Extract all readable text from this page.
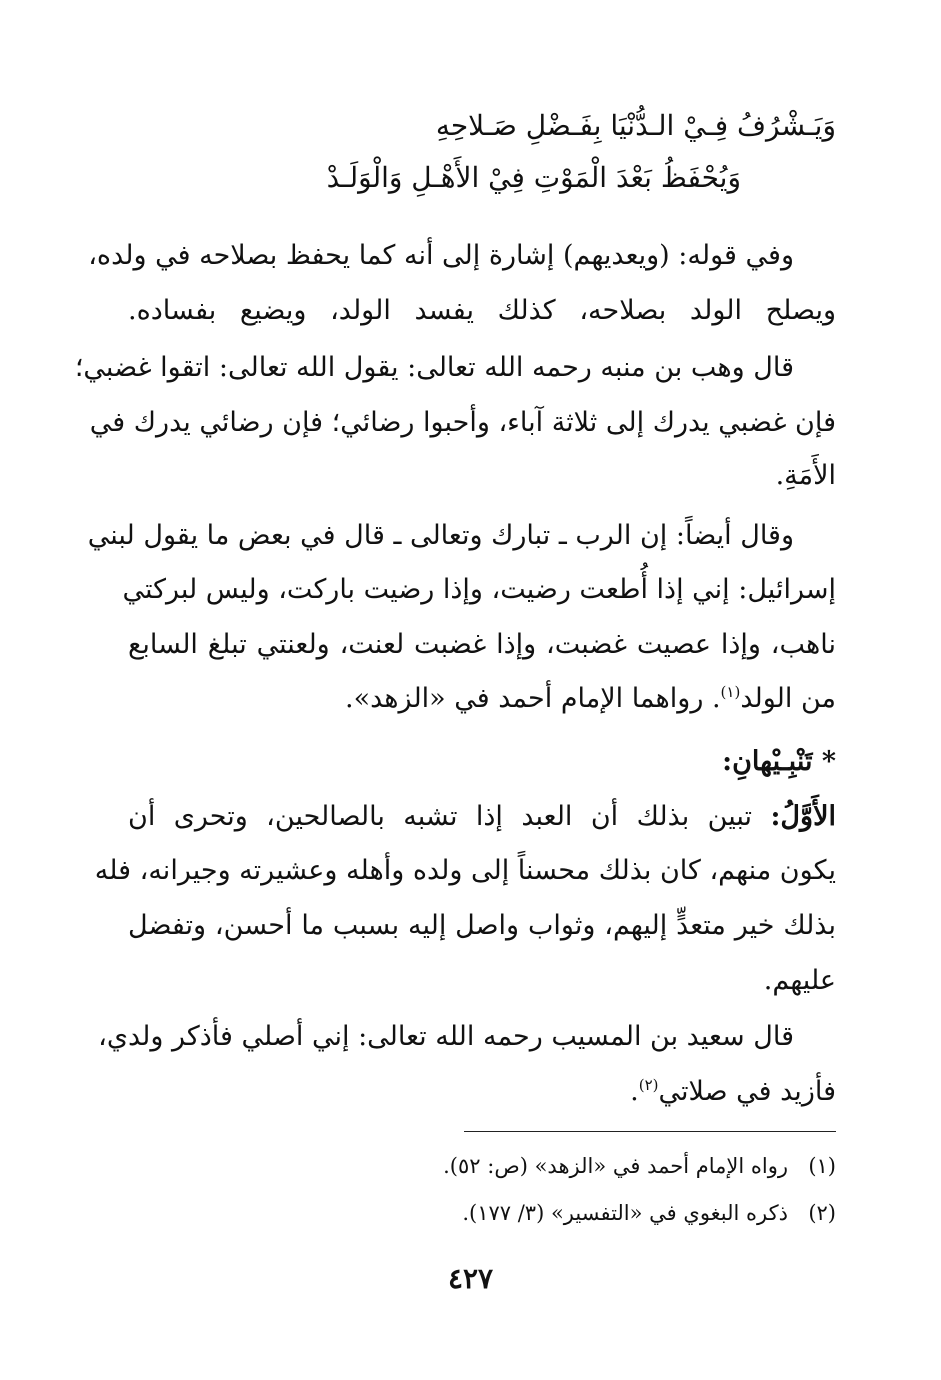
وَيَـشْرُفُ فِـيْ الـدُّنْيَا بِفَـضْلِ صَـلاحِهِ
وَيُحْفَظُ بَعْدَ الْمَوْتِ فِيْ الأَهْـلِ وَالْوَلَـدْ
وفي قوله: (ويعديهم) إشارة إلى أنه كما يحفظ بصلاحه في ولده،
ويصلح الولد بصلاحه، كذلك يفسد الولد، ويضيع بفساده.
قال وهب بن منبه رحمه الله تعالى: يقول الله تعالى: اتقوا غضبي؛
فإن غضبي يدرك إلى ثلاثة آباء، وأحبوا رضائي؛ فإن رضائي يدرك في
الأَمَةِ.
وقال أيضاً: إن الرب ـ تبارك وتعالى ـ قال في بعض ما يقول لبني
إسرائيل: إني إذا أُطعت رضيت، وإذا رضيت باركت، وليس لبركتي
ناهب، وإذا عصيت غضبت، وإذا غضبت لعنت، ولعنتي تبلغ السابع
من الولد$^{(١)}$. رواهما الإمام أحمد في «الزهد».
* تَنْبِـيْهانِ:
الأَوَّلُ: تبين بذلك أن العبد إذا تشبه بالصالحين، وتحرى أن
يكون منهم، كان بذلك محسناً إلى ولده وأهله وعشيرته وجيرانه، فله
بذلك خير متعدٍّ إليهم، وثواب واصل إليه بسبب ما أحسن، وتفضل
عليهم.
قال سعيد بن المسيب رحمه الله تعالى: إني أصلي فأذكر ولدي،
فأزيد في صلاتي$^{(٢)}$.
(١)رواه الإمام أحمد في «الزهد» (ص: ٥٢).
(٢)ذكره البغوي في «التفسير» (٣/ ١٧٧).
٤٢٧
